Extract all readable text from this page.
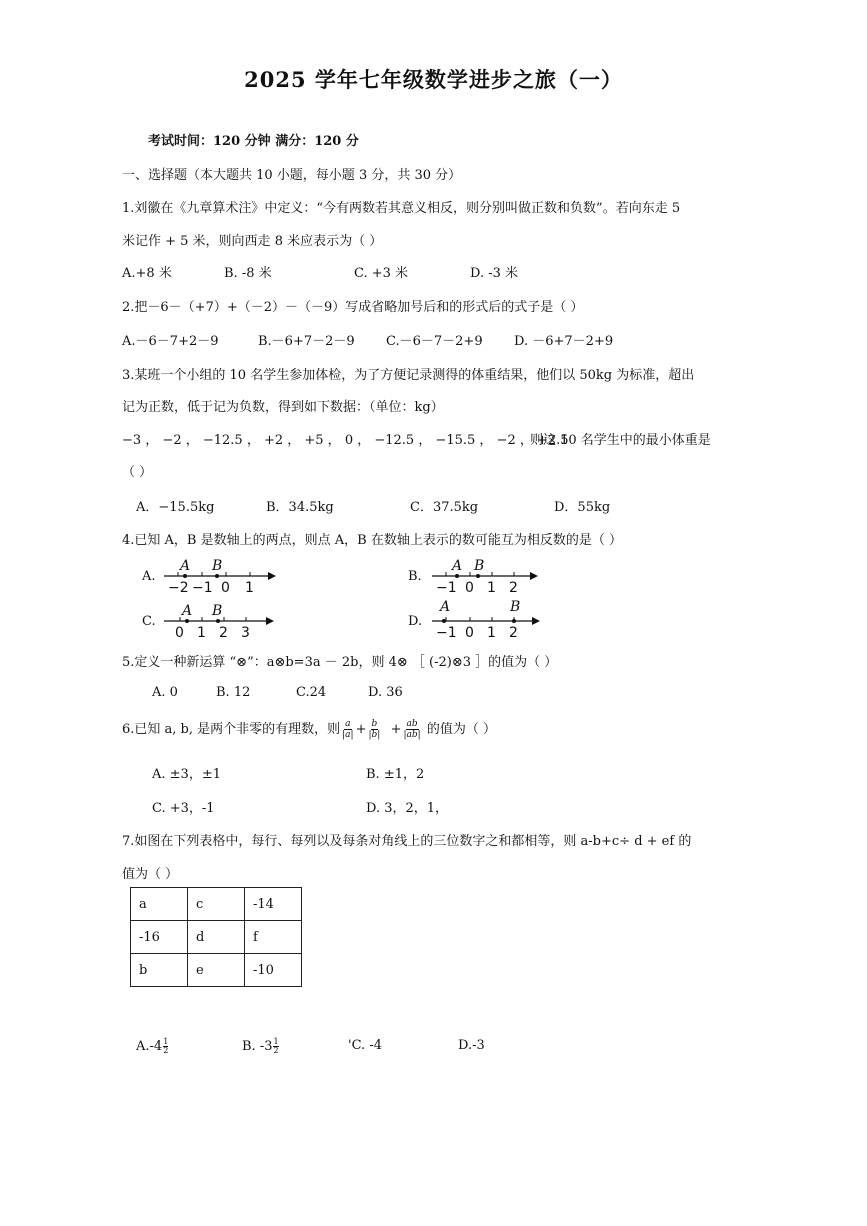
2025 学年七年级数学进步之旅（一）
考试时间：120 分钟 满分：120 分
一、选择题（本大题共 10 小题，每小题 3 分，共 30 分）
1.刘徽在《九章算术注》中定义：“今有两数若其意义相反，则分别叫做正数和负数”。若向东走 5
米记作 + 5 米，则向西走 8 米应表示为（ ）
A.+8 米	B. -8 米	C. +3 米	D. -3 米
2.把－6－（+7）+（－2）－（－9）写成省略加号后和的形式后的式子是（ ）
A.－6－7+2－9	B.－6+7－2－9 C.－6－7－2+9 D. －6+7－2+9
3.某班一个小组的 10 名学生参加体检，为了方便记录测得的体重结果，他们以 50kg 为标准，超出
记为正数，低于记为负数，得到如下数据：（单位：kg）
−3 ， −2 ， −12.5 ， +2 ， +5 ， 0 ， −12.5 ， −15.5 ， −2 ， +2.5
则这 10 名学生中的最小体重是
（ ）
A．−15.5kg	B．34.5kg	C．37.5kg	D．55kg
4.已知 A，B 是数轴上的两点，则点 A，B 在数轴上表示的数可能互为相反数的是（ ）
A.	B.
C.	D.
A B
−2 −1 0 1
A B
−1 0 1 2
A B
0 1 2 3
A	B
−1 0 1 2
5.定义一种新运算 “⊗”：a⊗b=3a － 2b，则 4⊗ ［ (-2)⊗3 ］的值为（ ）
A. 0	B. 12	C.24	D. 36
6.已知 a, b, 是两个非零的有理数，则 $\frac{a}{|a|} + \frac{b}{|b|} + \frac{ab}{|ab|}$ 的值为（ ）
A. ±3，±1	B. ±1，2
C. +3，-1	D. 3，2，1，
7.如图在下列表格中，每行、每列以及每条对角线上的三位数字之和都相等，则 a-b+c÷ d + ef 的
值为（ ）
a	c	-14
-16	d	f
b	e	-10
$A.-4 \frac{1}{2}$	B. $-3 \frac{1}{2}$	'C. -4	D.-3
